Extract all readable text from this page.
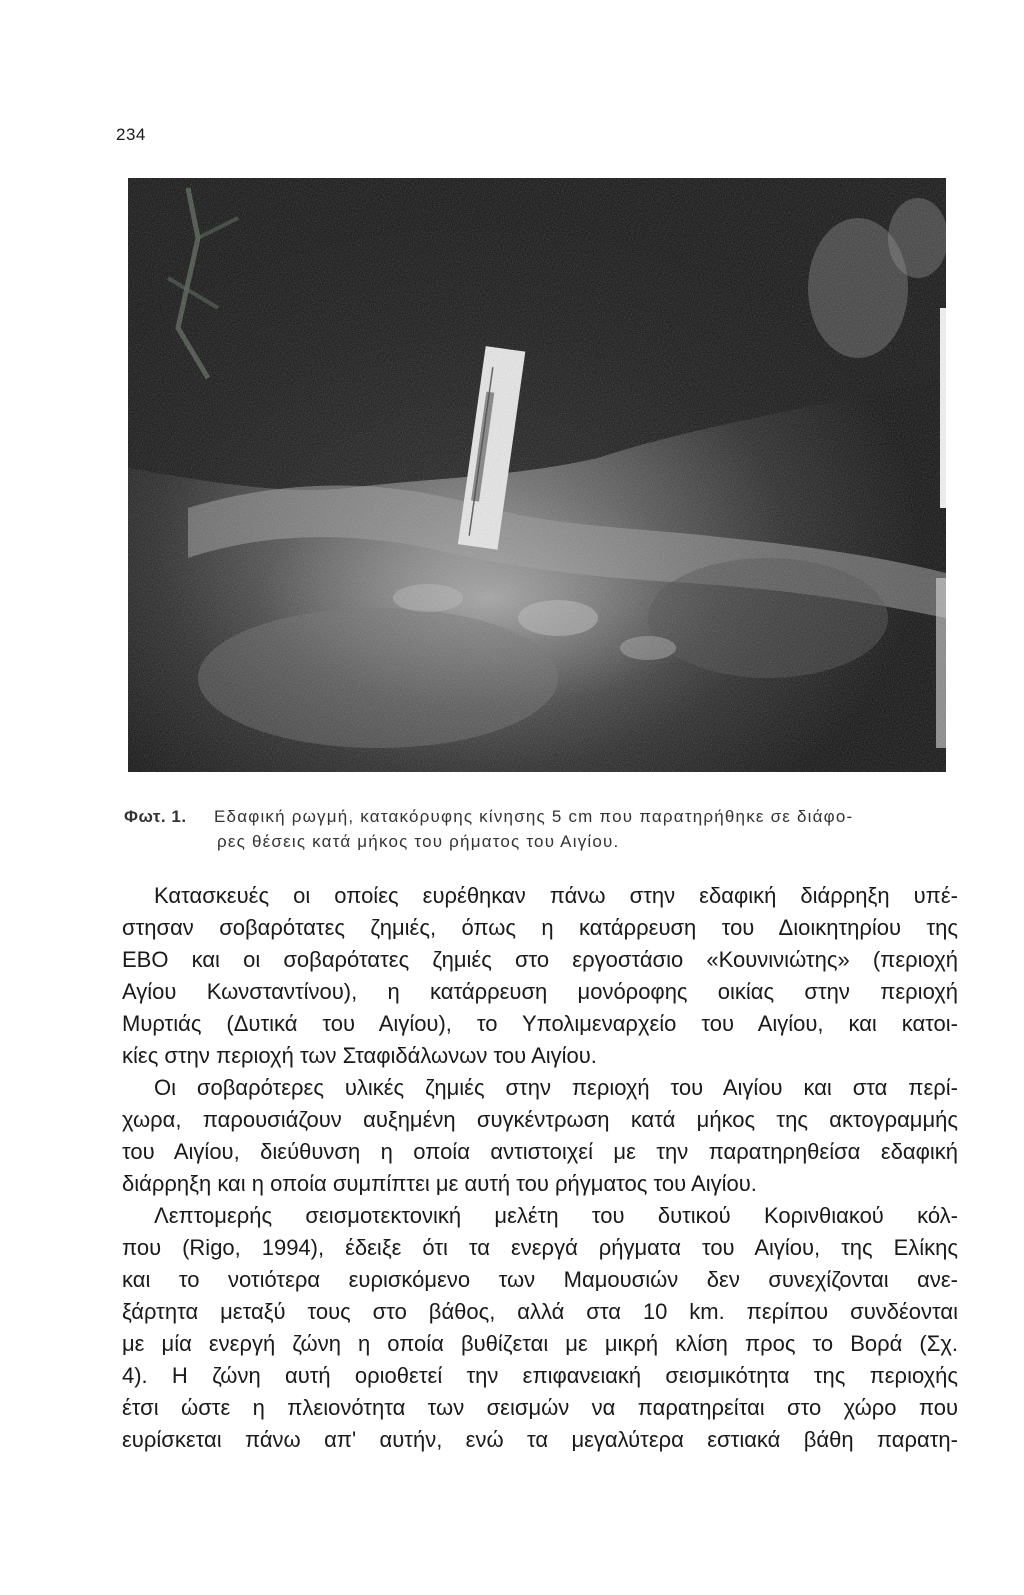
234
Φωτ. 1. Εδαφική ρωγμή, κατακόρυφης κίνησης 5 cm που παρατηρήθηκε σε διάφο-
ρες θέσεις κατά μήκος του ρήματος του Αιγίου.
Κατασκευές οι οποίες ευρέθηκαν πάνω στην εδαφική διάρρηξη υπέ-
στησαν σοβαρότατες ζημιές, όπως η κατάρρευση του Διοικητηρίου της
ΕΒΟ και οι σοβαρότατες ζημιές στο εργοστάσιο «Κουνινιώτης» (περιοχή
Αγίου Κωνσταντίνου), η κατάρρευση μονόροφης οικίας στην περιοχή
Μυρτιάς (Δυτικά του Αιγίου), το Υπολιμεναρχείο του Αιγίου, και κατοι-
κίες στην περιοχή των Σταφιδάλωνων του Αιγίου.
Οι σοβαρότερες υλικές ζημιές στην περιοχή του Αιγίου και στα περί-
χωρα, παρουσιάζουν αυξημένη συγκέντρωση κατά μήκος της ακτογραμμής
του Αιγίου, διεύθυνση η οποία αντιστοιχεί με την παρατηρηθείσα εδαφική
διάρρηξη και η οποία συμπίπτει με αυτή του ρήγματος του Αιγίου.
Λεπτομερής σεισμοτεκτονική μελέτη του δυτικού Κορινθιακού κόλ-
που (Rigo, 1994), έδειξε ότι τα ενεργά ρήγματα του Αιγίου, της Ελίκης
και το νοτιότερα ευρισκόμενο των Μαμουσιών δεν συνεχίζονται ανε-
ξάρτητα μεταξύ τους στο βάθος, αλλά στα 10 km. περίπου συνδέονται
με μία ενεργή ζώνη η οποία βυθίζεται με μικρή κλίση προς το Βορά (Σχ.
4). Η ζώνη αυτή οριοθετεί την επιφανειακή σεισμικότητα της περιοχής
έτσι ώστε η πλειονότητα των σεισμών να παρατηρείται στο χώρο που
ευρίσκεται πάνω απ' αυτήν, ενώ τα μεγαλύτερα εστιακά βάθη παρατη-
